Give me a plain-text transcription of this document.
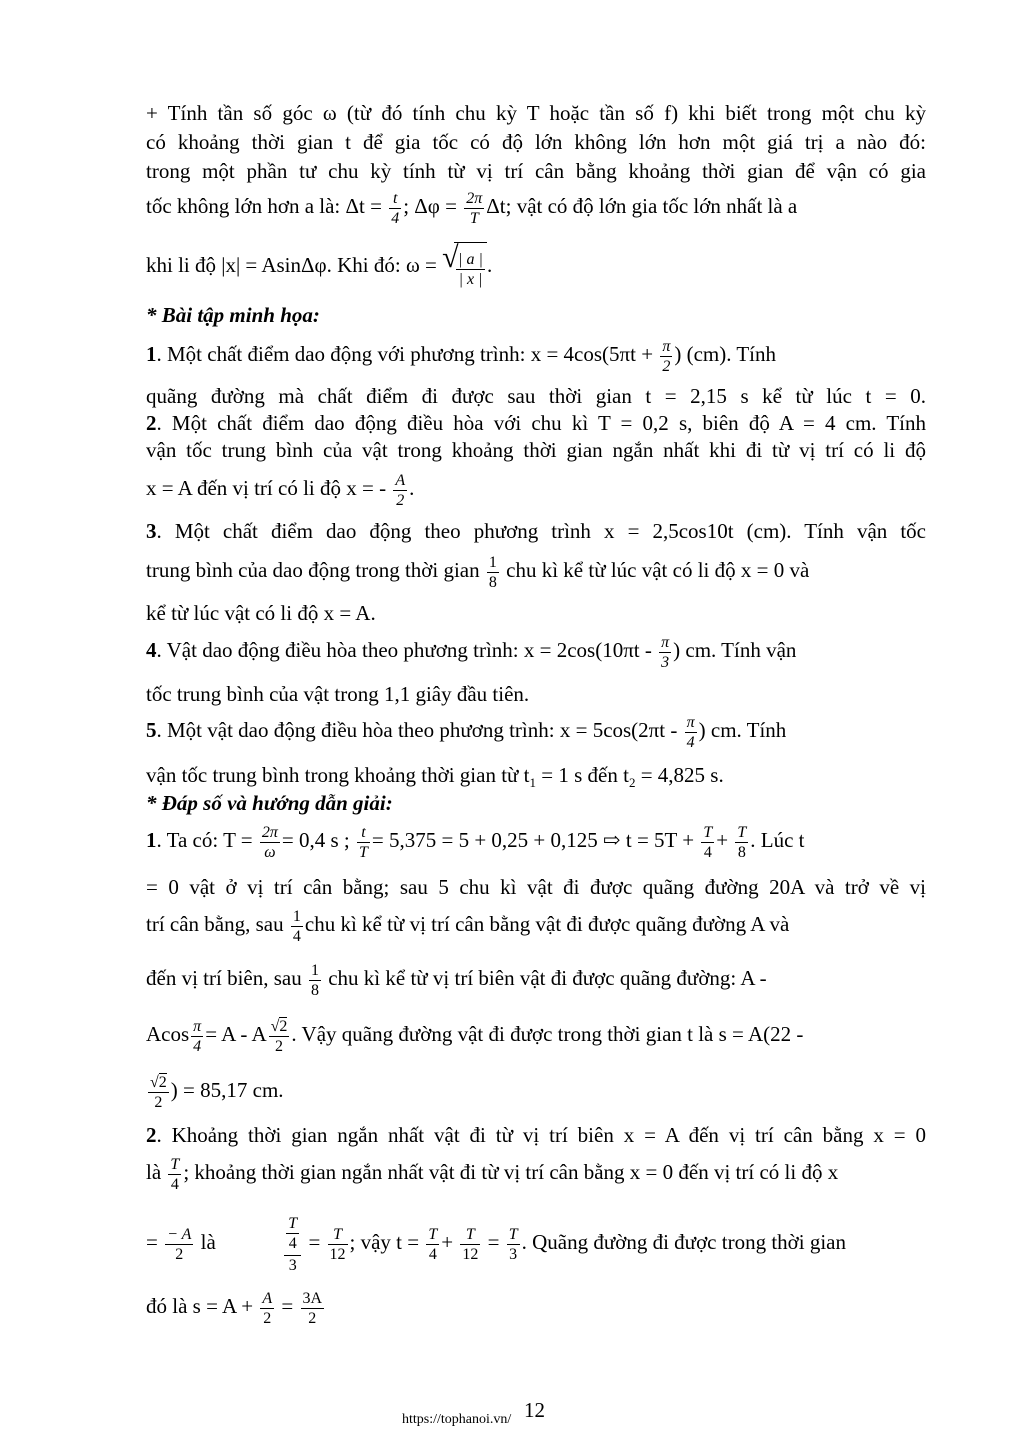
+ Tính tần số góc ω (từ đó tính chu kỳ T hoặc tần số f) khi biết trong một chu kỳ
có khoảng thời gian t để gia tốc có độ lớn không lớn hơn một giá trị a nào đó:
trong một phần tư chu kỳ tính từ vị trí cân bằng khoảng thời gian để vận có gia
tốc không lớn hơn a là: $\Delta t = \frac{t}{4}$ ; $\Delta\varphi = \frac{2\pi}{T} \Delta t$; vật có độ lớn gia tốc lớn nhất là a
khi li độ |x| = AsinΔφ. Khi đó: ω = √
$\frac{| a |}{| x |}$ .
* Bài tập minh họa:
1. Một chất điểm dao động với phương trình: $x = 4\cos(5\pi t + \frac{\pi}{2}$ ) (cm). Tính
quãng đường mà chất điểm đi được sau thời gian t = 2,15 s kể từ lúc t = 0.
2. Một chất điểm dao động điều hòa với chu kì T = 0,2 s, biên độ A = 4 cm. Tính
vận tốc trung bình của vật trong khoảng thời gian ngắn nhất khi đi từ vị trí có li độ
x = A đến vị trí có li độ x = - $\frac{A}{2}$ .
3. Một chất điểm dao động theo phương trình x = 2,5cos10t (cm). Tính vận tốc
trung bình của dao động trong thời gian $\frac{1}{8}$ chu kì kể từ lúc vật có li độ x = 0 và
kể từ lúc vật có li độ x = A.
4. Vật dao động điều hòa theo phương trình: $x = 2\cos(10\pi t - \frac{\pi}{3}$ ) cm. Tính vận
tốc trung bình của vật trong 1,1 giây đầu tiên.
5. Một vật dao động điều hòa theo phương trình: $x = 5\cos(2\pi t - \frac{\pi}{4}$ ) cm. Tính
vận tốc trung bình trong khoảng thời gian từ $t_1 = 1$ s đến $t_2 = 4,825$ s.
* Đáp số và hướng dẫn giải:
1. Ta có: $T = \frac{2\pi}{\omega} = 0,4$ s ; $\frac{t}{T} = 5,375 = 5 + 0,25 + 0,125$ ⇨ $t = 5T + \frac{T}{4} + \frac{T}{8}$ . Lúc t
= 0 vật ở vị trí cân bằng; sau 5 chu kì vật đi được quãng đường 20A và trở về vị
trí cân bằng, sau $\frac{1}{4}$ chu kì kể từ vị trí cân bằng vật đi được quãng đường A và
đến vị trí biên, sau $\frac{1}{8}$ chu kì kể từ vị trí biên vật đi được quãng đường: A -
Acos $\frac{\pi}{4} = A - A \frac{√2}{2}$ . Vậy quãng đường vật đi được trong thời gian t là s = A(22 -
$\frac{√2}{2}$ ) = 85,17 cm.
2. Khoảng thời gian ngắn nhất vật đi từ vị trí biên x = A đến vị trí cân bằng x = 0
là $\frac{T}{4}$ ; khoảng thời gian ngắn nhất vật đi từ vị trí cân bằng x = 0 đến vị trí có li độ x
= $\frac{- A}{2}$ là	$\frac{\frac{T}{4}}{3} = \frac{T}{12}$ ; vậy $t = \frac{T}{4} + \frac{T}{12} = \frac{T}{3}$ . Quãng đường đi được trong thời gian
đó là $s = A + \frac{A}{2} = \frac{3A}{2}$
12
https://tophanoi.vn/
